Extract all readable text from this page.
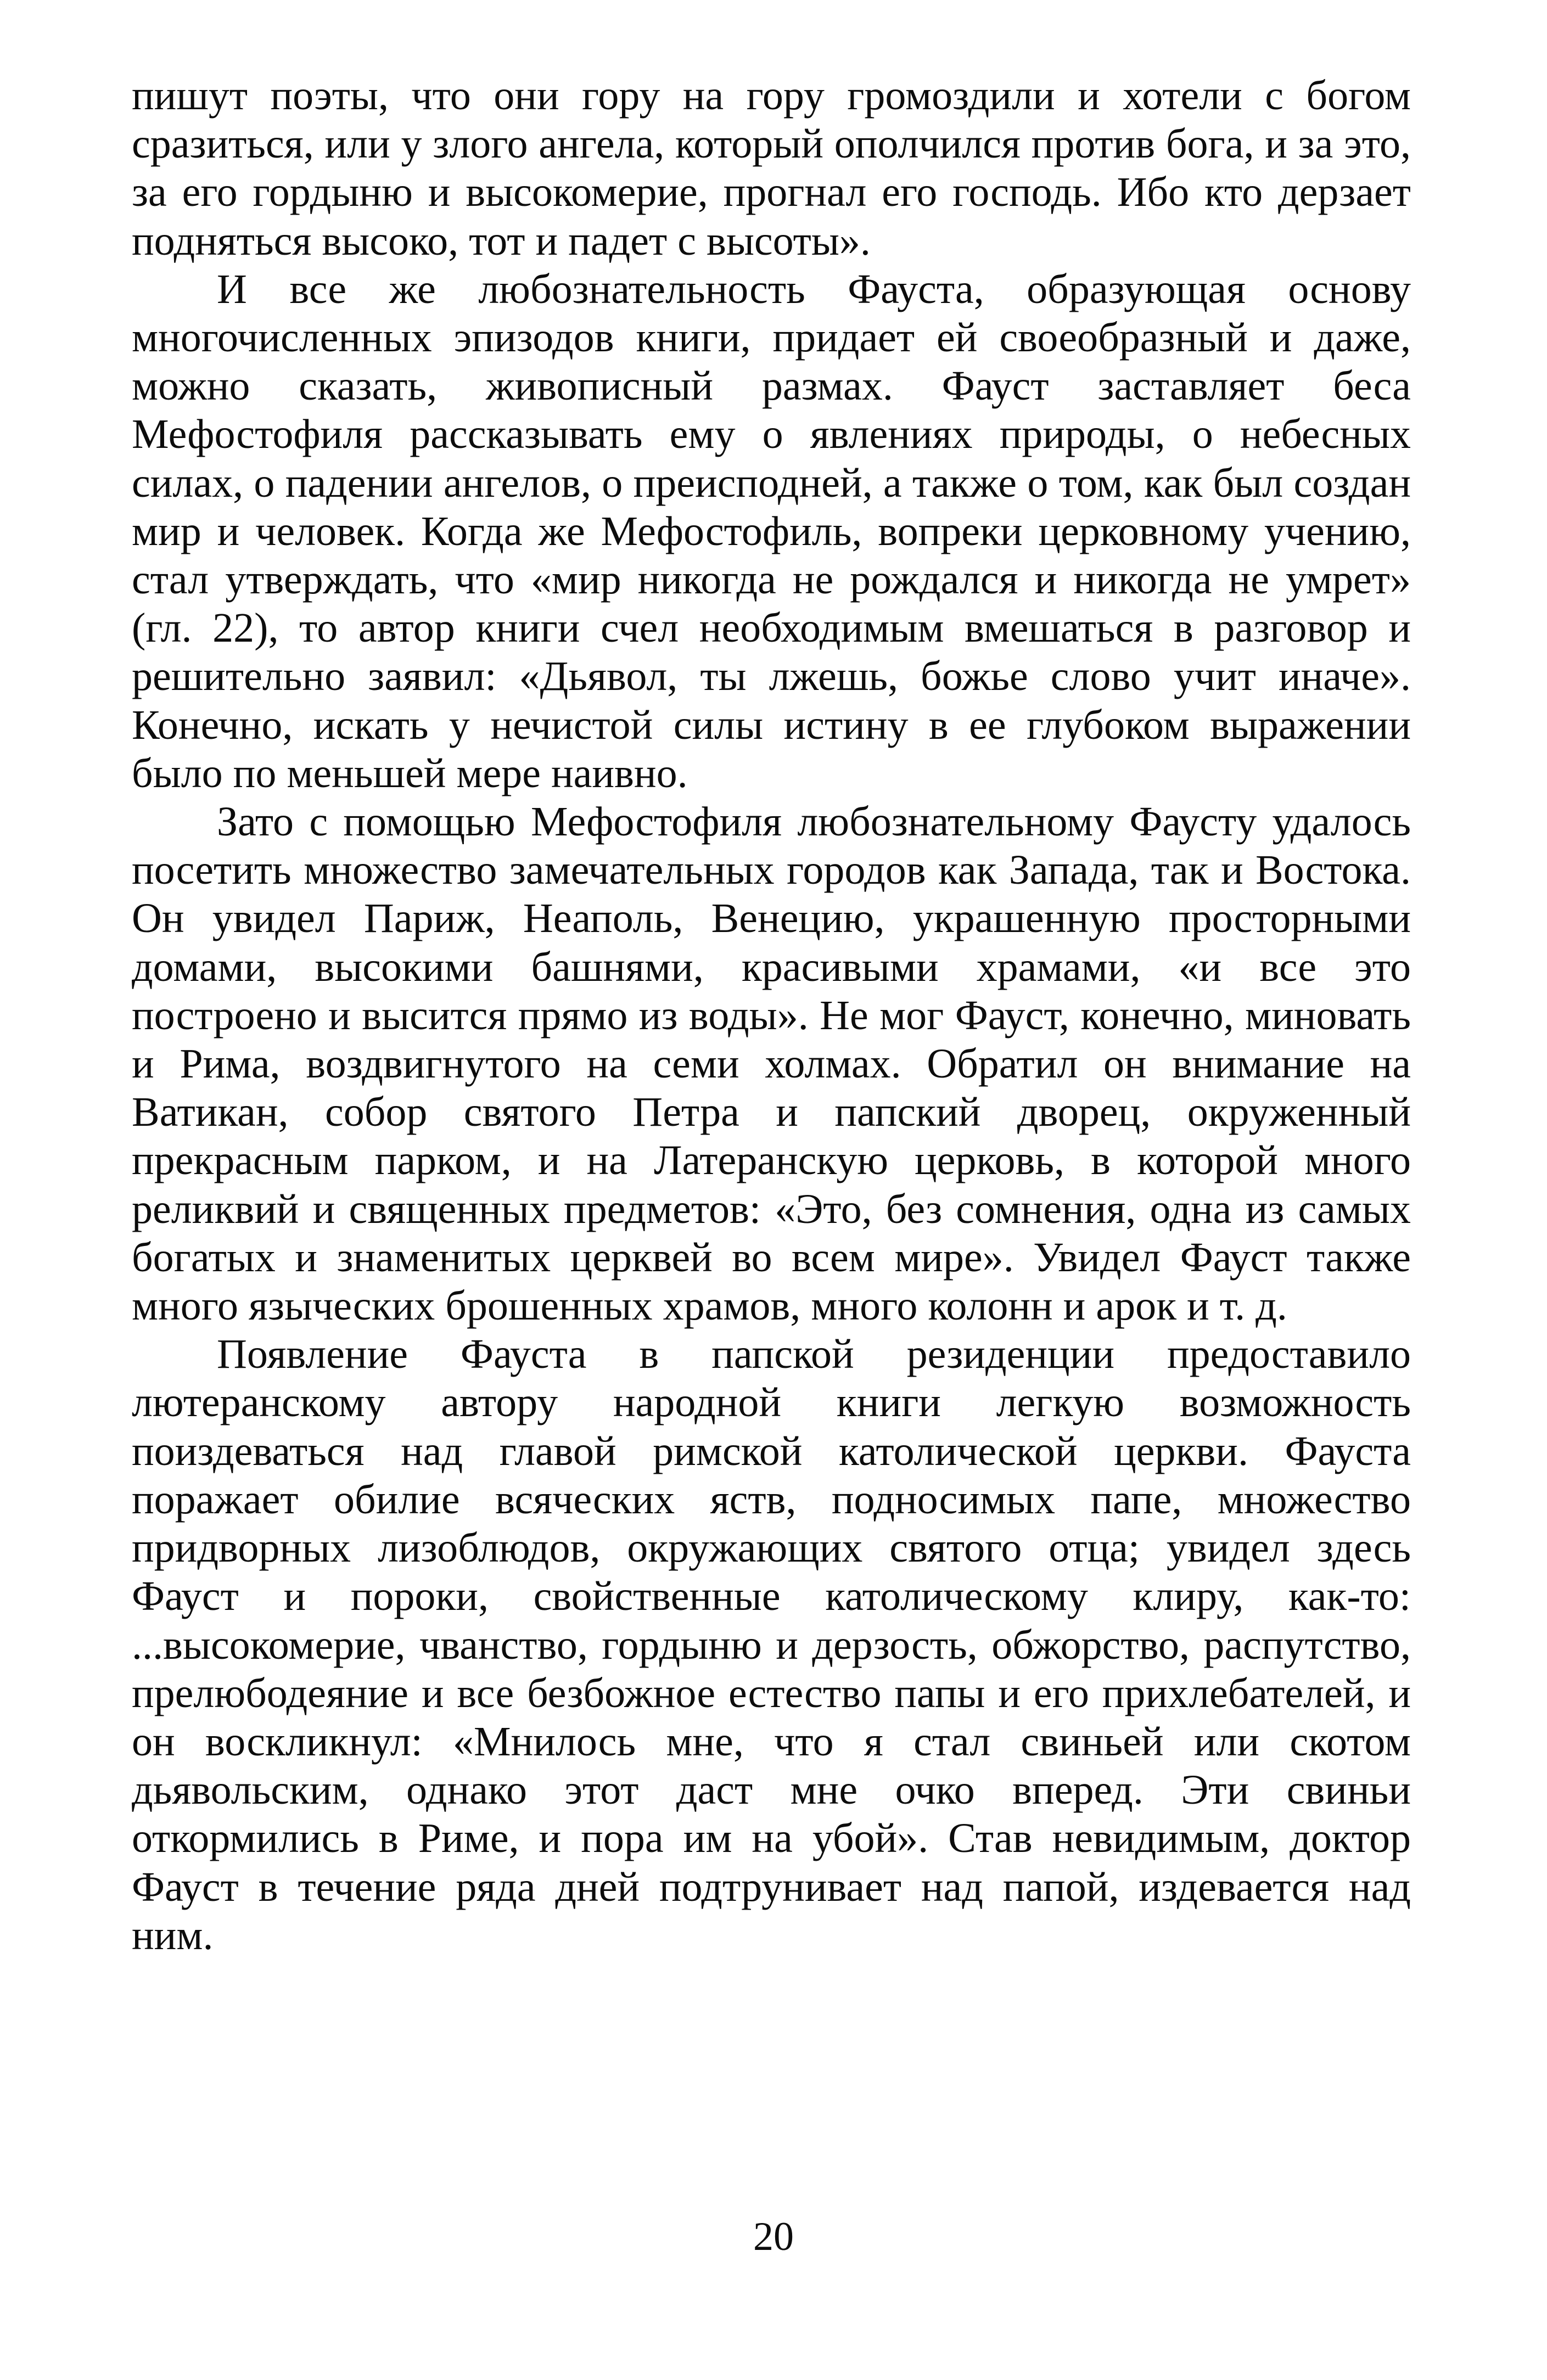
пишут поэты, что они гору на гору громоздили и хотели с богом сразиться, или у злого ангела, который ополчился против бога, и за это, за его гордыню и высокомерие, прогнал его господь. Ибо кто дерзает подняться высоко, тот и падет с высоты».

И все же любознательность Фауста, образующая основу многочисленных эпизодов книги, придает ей своеобразный и даже, можно сказать, живописный размах. Фауст заставляет беса Мефостофиля рассказывать ему о явлениях природы, о небесных силах, о падении ангелов, о преисподней, а также о том, как был создан мир и человек. Когда же Мефостофиль, вопреки церковному учению, стал утверждать, что «мир никогда не рождался и никогда не умрет» (гл. 22), то автор книги счел необходимым вмешаться в разговор и решительно заявил: «Дьявол, ты лжешь, божье слово учит иначе». Конечно, искать у нечистой силы истину в ее глубоком выражении было по меньшей мере наивно.

Зато с помощью Мефостофиля любознательному Фаусту удалось посетить множество замечательных городов как Запада, так и Востока. Он увидел Париж, Неаполь, Венецию, украшенную просторными домами, высокими башнями, красивыми храмами, «и все это построено и высится прямо из воды». Не мог Фауст, конечно, миновать и Рима, воздвигнутого на семи холмах. Обратил он внимание на Ватикан, собор святого Петра и папский дворец, окруженный прекрасным парком, и на Латеранскую церковь, в которой много реликвий и священных предметов: «Это, без сомнения, одна из самых богатых и знаменитых церквей во всем мире». Увидел Фауст также много языческих брошенных храмов, много колонн и арок и т. д.

Появление Фауста в папской резиденции предоставило лютеранскому автору народной книги легкую возможность поиздеваться над главой римской католической церкви. Фауста поражает обилие всяческих яств, подносимых папе, множество придворных лизоблюдов, окружающих святого отца; увидел здесь Фауст и пороки, свойственные католическому клиру, как-то: ...высокомерие, чванство, гордыню и дерзость, обжорство, распутство, прелюбодеяние и все безбожное естество папы и его прихлебателей, и он воскликнул: «Мнилось мне, что я стал свиньей или скотом дьявольским, однако этот даст мне очко вперед. Эти свиньи откормились в Риме, и пора им на убой». Став невидимым, доктор Фауст в течение ряда дней подтрунивает над папой, издевается над ним.

20
